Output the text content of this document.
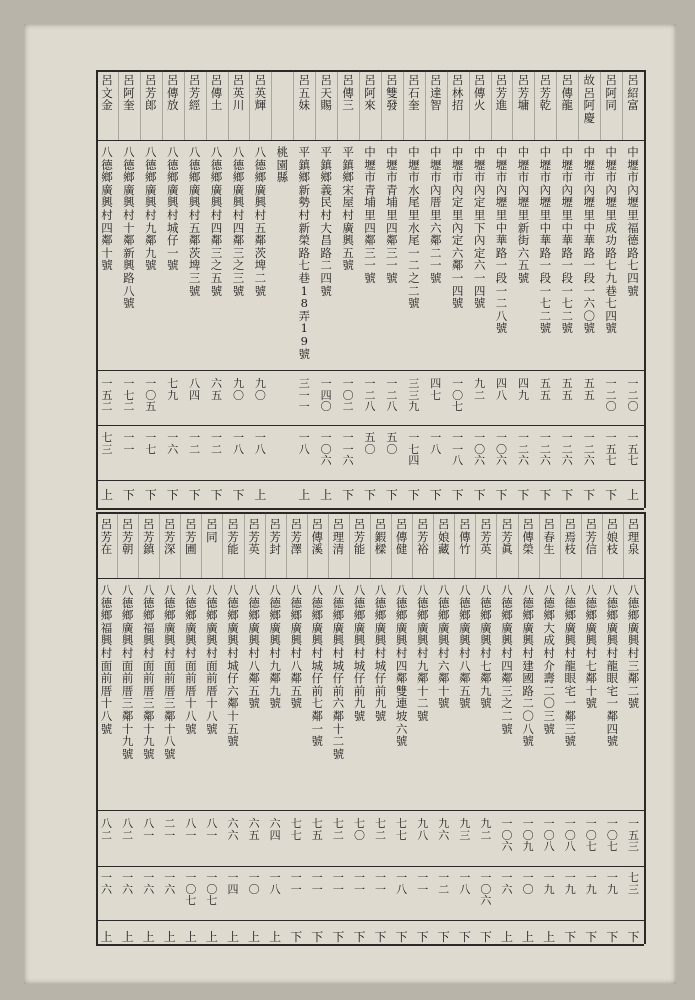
呂
紹
富
中
壢
市
內
壢
里
福
德
路
七
四
號
一
二
〇
一
五
七
上
呂
阿
同
中
壢
市
內
壢
里
成
功
路
七
九
巷
七
四
號
一
二
〇
一
五
七
下
故
呂
阿
慶
中
壢
市
內
壢
里
中
華
路
一
段
一
六
〇
號
五
五
一
二
六
下
呂
傳
龍
中
壢
市
內
壢
里
中
華
路
一
段
一
七
二
號
五
五
一
二
六
下
呂
芳
乾
中
壢
市
內
壢
里
中
華
路
一
段
一
七
二
號
五
五
一
二
六
下
呂
芳
墉
中
壢
市
內
壢
里
新
街
六
五
號
四
九
一
二
六
下
呂
芳
進
中
壢
市
內
壢
里
中
華
路
一
段
一
二
八
號
四
八
一
〇
六
下
呂
傳
火
中
壢
市
內
定
里
下
內
定
六
一
四
號
九
二
一
〇
六
下
呂
林
招
中
壢
市
內
定
里
內
定
六
鄰
一
四
號
一
〇
七
一
一
八
下
呂
達
智
中
壢
市
內
厝
里
六
鄰
二
一
號
四
七
一
八
下
呂
石
奎
中
壢
市
水
尾
里
水
尾
一
二
之
二
號
三
三
九
一
七
四
下
呂
雙
發
中
壢
市
青
埔
里
四
鄰
三
一
號
一
二
八
五
〇
下
呂
阿
來
中
壢
市
青
埔
里
四
鄰
三
一
號
一
二
八
五
〇
下
呂
傳
三
平
鎮
鄉
宋
屋
村
廣
興
五
號
一
〇
二
一
一
六
下
呂
天
賜
平
鎮
鄉
義
民
村
大
昌
路
二
四
號
一
四
〇
一
〇
六
上
呂
五
妹
平
鎮
鄉
新
勢
村
新
榮
路
七
巷
1
8
弄
1
9
號
三
一
一
一
八
上
桃
園
縣
呂
英
輝
八
德
鄉
廣
興
村
五
鄰
茨
埤
二
號
九
〇
一
八
上
呂
英
川
八
德
鄉
廣
興
村
四
鄰
三
之
三
號
九
〇
一
八
下
呂
傳
土
八
德
鄉
廣
興
村
四
鄰
三
之
五
號
六
五
一
二
下
呂
芳
經
八
德
鄉
廣
興
村
五
鄰
茨
埤
三
號
八
四
一
二
下
呂
傳
放
八
德
鄉
廣
興
村
城
仔
一
號
七
九
一
六
下
呂
芳
郎
八
德
鄉
廣
興
村
九
鄰
九
號
一
〇
五
一
七
下
呂
阿
奎
八
德
鄉
廣
興
村
十
鄰
新
興
路
八
號
一
七
二
一
一
下
呂
文
金
八
德
鄉
廣
興
村
四
鄰
十
號
一
五
二
七
三
上
呂
理
泉
八
德
鄉
廣
興
村
三
鄰
二
號
一
五
三
七
三
下
呂
娘
枝
八
德
鄉
廣
興
村
龍
眼
宅
一
鄰
四
號
一
〇
七
一
九
下
呂
芳
信
八
德
鄉
廣
興
村
七
鄰
十
號
一
〇
七
一
九
下
呂
焉
枝
八
德
鄉
廣
興
村
龍
眼
宅
一
鄰
三
號
一
〇
八
一
九
下
呂
春
生
八
德
鄉
大
成
村
介
壽
二
〇
三
號
一
〇
八
一
九
上
呂
傳
榮
八
德
鄉
廣
興
村
建
國
路
二
〇
八
號
一
〇
九
一
〇
上
呂
芳
眞
八
德
鄉
廣
興
村
四
鄰
三
之
二
號
一
〇
六
一
六
上
呂
芳
英
八
德
鄉
廣
興
村
七
鄰
九
號
九
二
一
〇
六
下
呂
傳
竹
八
德
鄉
廣
興
村
八
鄰
五
號
九
三
一
八
下
呂
娘
藏
八
德
鄉
廣
興
村
六
鄰
十
號
九
六
一
二
下
呂
芳
裕
八
德
鄉
廣
興
村
九
鄰
十
二
號
九
八
一
一
下
呂
傳
健
八
德
鄉
廣
興
村
四
鄰
雙
連
坡
六
號
七
七
一
八
下
呂
鍜
樑
八
德
鄉
廣
興
村
城
仔
前
九
號
七
二
一
一
下
呂
芳
能
八
德
鄉
廣
興
村
城
仔
前
九
號
七
〇
一
一
下
呂
理
清
八
德
鄉
廣
興
村
城
仔
前
六
鄰
十
二
號
七
二
一
一
下
呂
傳
溪
八
德
鄉
廣
興
村
城
仔
前
七
鄰
一
號
七
五
一
一
下
呂
芳
澤
八
德
鄉
廣
興
村
八
鄰
五
號
七
七
一
一
下
呂
芳
封
八
德
鄉
廣
興
村
九
鄰
九
號
六
四
一
八
上
呂
芳
英
八
德
鄉
廣
興
村
八
鄰
五
號
六
五
一
〇
上
呂
芳
能
八
德
鄉
廣
興
村
城
仔
六
鄰
十
五
號
六
六
一
四
上
呂
同
八
德
鄉
廣
興
村
面
前
厝
十
八
號
八
一
一
〇
七
上
呂
芳
圃
八
德
鄉
廣
興
村
面
前
厝
十
八
號
八
一
一
〇
七
上
呂
芳
深
八
德
鄉
廣
興
村
面
前
厝
三
鄰
十
八
號
二
一
一
六
上
呂
芳
鎮
八
德
鄉
福
興
村
面
前
厝
三
鄰
十
九
號
八
一
一
六
上
呂
芳
朝
八
德
鄉
廣
興
村
面
前
厝
三
鄰
十
九
號
八
二
一
六
上
呂
芳
在
八
德
鄉
福
興
村
面
前
厝
十
八
號
八
二
一
六
上
